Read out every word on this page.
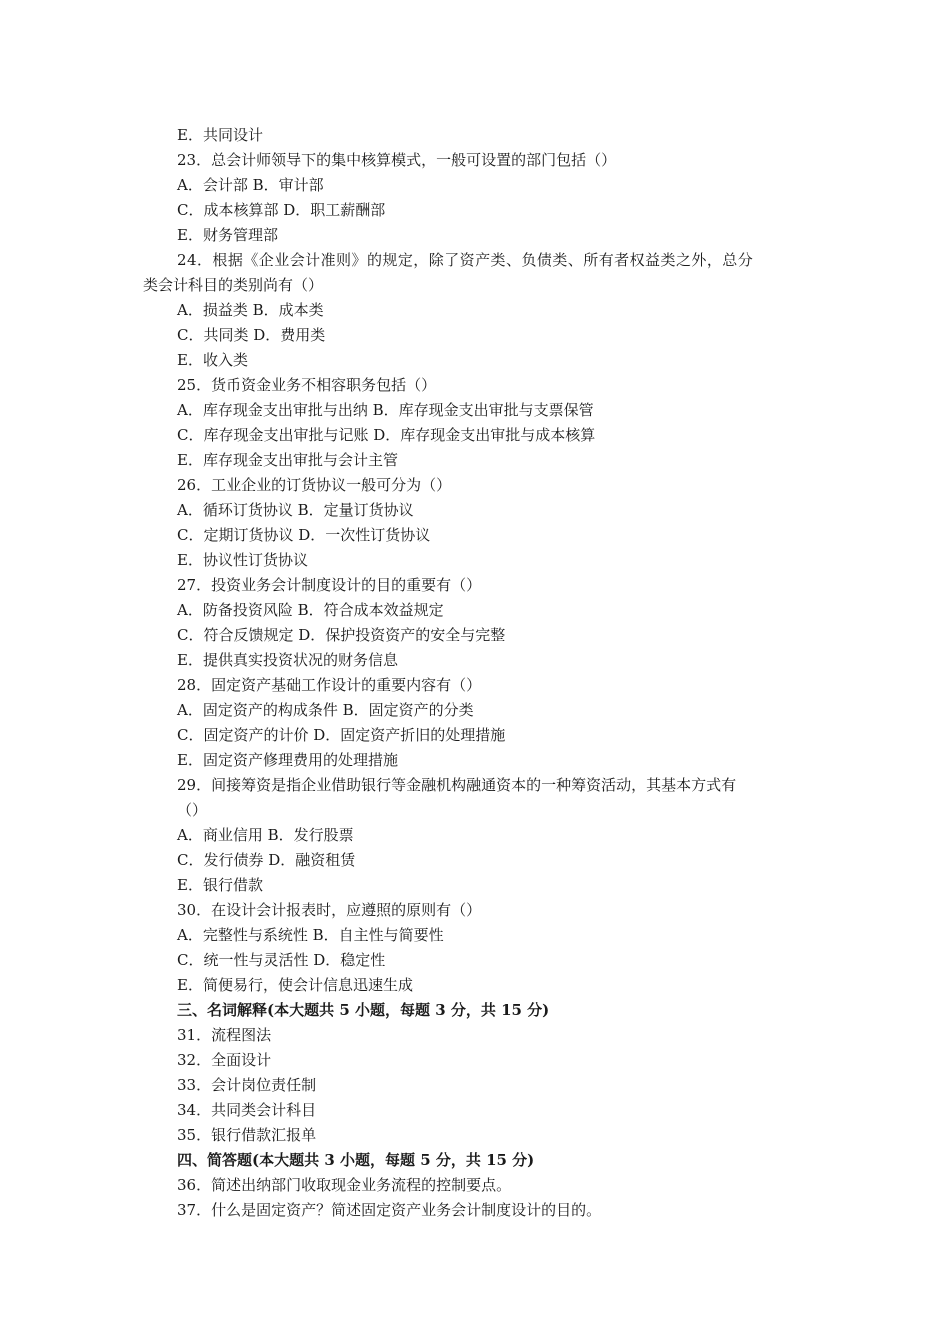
E．共同设计
23．总会计师领导下的集中核算模式，一般可设置的部门包括（）
A．会计部 B．审计部
C．成本核算部 D．职工薪酬部
E．财务管理部
24．根据《企业会计准则》的规定，除了资产类、负债类、所有者权益类之外，总分
类会计科目的类别尚有（）
A．损益类 B．成本类
C．共同类 D．费用类
E．收入类
25．货币资金业务不相容职务包括（）
A．库存现金支出审批与出纳 B．库存现金支出审批与支票保管
C．库存现金支出审批与记账 D．库存现金支出审批与成本核算
E．库存现金支出审批与会计主管
26．工业企业的订货协议一般可分为（）
A．循环订货协议 B．定量订货协议
C．定期订货协议 D．一次性订货协议
E．协议性订货协议
27．投资业务会计制度设计的目的重要有（）
A．防备投资风险 B．符合成本效益规定
C．符合反馈规定 D．保护投资资产的安全与完整
E．提供真实投资状况的财务信息
28．固定资产基础工作设计的重要内容有（）
A．固定资产的构成条件 B．固定资产的分类
C．固定资产的计价 D．固定资产折旧的处理措施
E．固定资产修理费用的处理措施
29．间接筹资是指企业借助银行等金融机构融通资本的一种筹资活动，其基本方式有
（）
A．商业信用 B．发行股票
C．发行债券 D．融资租赁
E．银行借款
30．在设计会计报表时，应遵照的原则有（）
A．完整性与系统性 B．自主性与简要性
C．统一性与灵活性 D．稳定性
E．简便易行，使会计信息迅速生成
三、名词解释(本大题共 5 小题，每题 3 分，共 15 分)
31．流程图法
32．全面设计
33．会计岗位责任制
34．共同类会计科目
35．银行借款汇报单
四、简答题(本大题共 3 小题，每题 5 分，共 15 分)
36．简述出纳部门收取现金业务流程的控制要点。
37．什么是固定资产？简述固定资产业务会计制度设计的目的。
